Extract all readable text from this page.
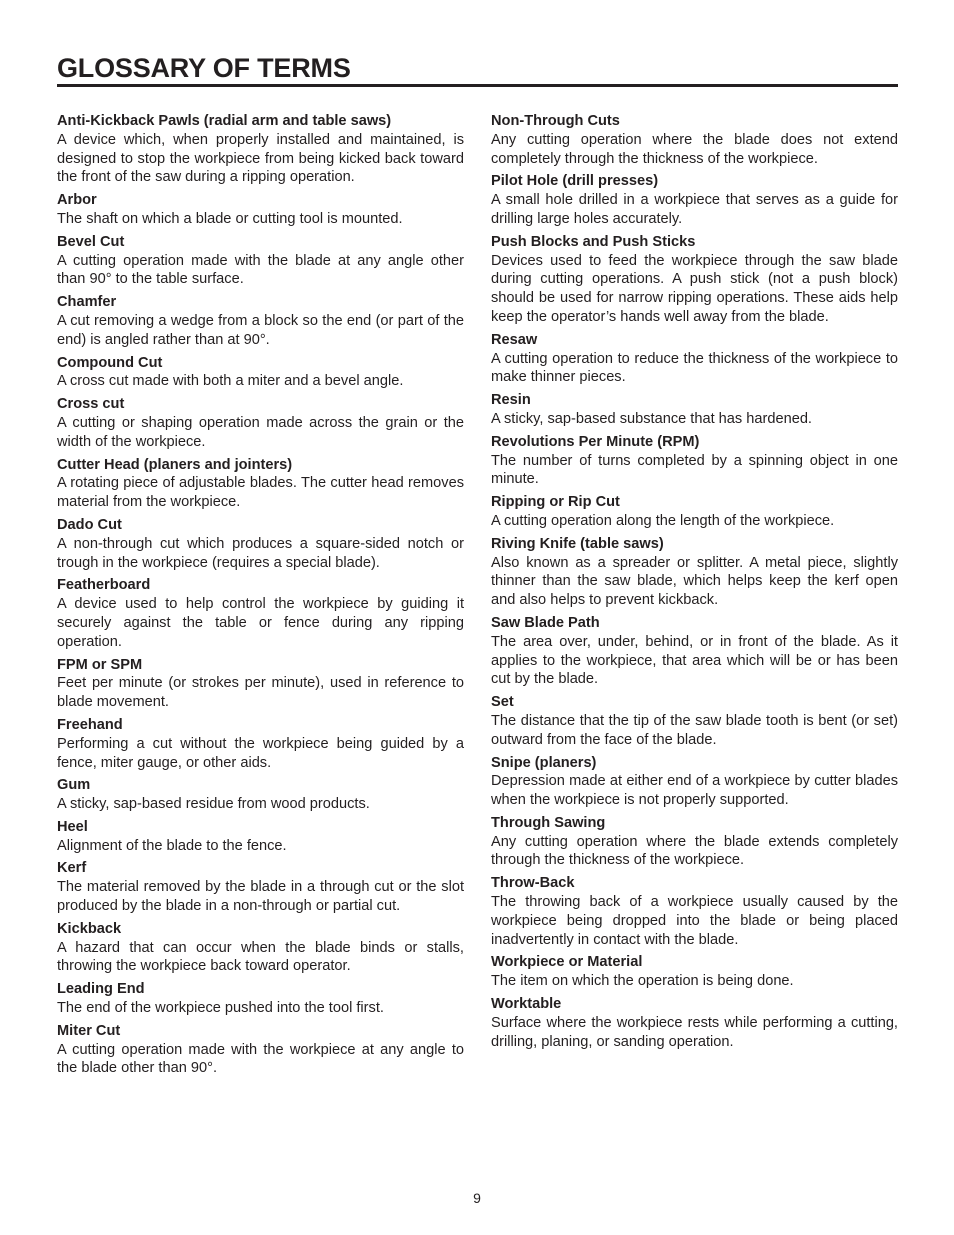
GLOSSARY OF TERMS

Anti-Kickback Pawls (radial arm and table saws)

A device which, when properly installed and maintained, is designed to stop the workpiece from being kicked back toward the front of the saw during a ripping operation.

Arbor

The shaft on which a blade or cutting tool is mounted.

Bevel Cut

A cutting operation made with the blade at any angle other than 90° to the table surface.

Chamfer

A cut removing a wedge from a block so the end (or part of the end) is angled rather than at 90°.

Compound Cut

A cross cut made with both a miter and a bevel angle.

Cross cut

A cutting or shaping operation made across the grain or the width of the workpiece.

Cutter Head (planers and jointers)

A rotating piece of adjustable blades. The cutter head removes material from the workpiece.

Dado Cut

A non-through cut which produces a square-sided notch or trough in the workpiece (requires a special blade).

Featherboard

A device used to help control the workpiece by guiding it securely against the table or fence during any ripping operation.

FPM or SPM

Feet per minute (or strokes per minute), used in reference to blade movement.

Freehand

Performing a cut without the workpiece being guided by a fence, miter gauge, or other aids.

Gum

A sticky, sap-based residue from wood products.

Heel

Alignment of the blade to the fence.

Kerf

The material removed by the blade in a through cut or the slot produced by the blade in a non-through or partial cut.

Kickback

A hazard that can occur when the blade binds or stalls, throwing the workpiece back toward operator.

Leading End

The end of the workpiece pushed into the tool first.

Miter Cut

A cutting operation made with the workpiece at any angle to the blade other than 90°.

Non-Through Cuts

Any cutting operation where the blade does not extend completely through the thickness of the workpiece.

Pilot Hole (drill presses)

A small hole drilled in a workpiece that serves as a guide for drilling large holes accurately.

Push Blocks and Push Sticks

Devices used to feed the workpiece through the saw blade during cutting operations. A push stick (not a push block) should be used for narrow ripping operations. These aids help keep the operator’s hands well away from the blade.

Resaw

A cutting operation to reduce the thickness of the workpiece to make thinner pieces.

Resin

A sticky, sap-based substance that has hardened.

Revolutions Per Minute (RPM)

The number of turns completed by a spinning object in one minute.

Ripping or Rip Cut

A cutting operation along the length of the workpiece.

Riving Knife (table saws)

Also known as a spreader or splitter. A metal piece, slightly thinner than the saw blade, which helps keep the kerf open and also helps to prevent kickback.

Saw Blade Path

The area over, under, behind, or in front of the blade. As it applies to the workpiece, that area which will be or has been cut by the blade.

Set

The distance that the tip of the saw blade tooth is bent (or set) outward from the face of the blade.

Snipe (planers)

Depression made at either end of a workpiece by cutter blades when the workpiece is not properly supported.

Through Sawing

Any cutting operation where the blade extends completely through the thickness of the workpiece.

Throw-Back

The throwing back of a workpiece usually caused by the workpiece being dropped into the blade or being placed inadvertently in contact with the blade.

Workpiece or Material

The item on which the operation is being done.

Worktable

Surface where the workpiece rests while performing a cutting, drilling, planing, or sanding operation.

9
